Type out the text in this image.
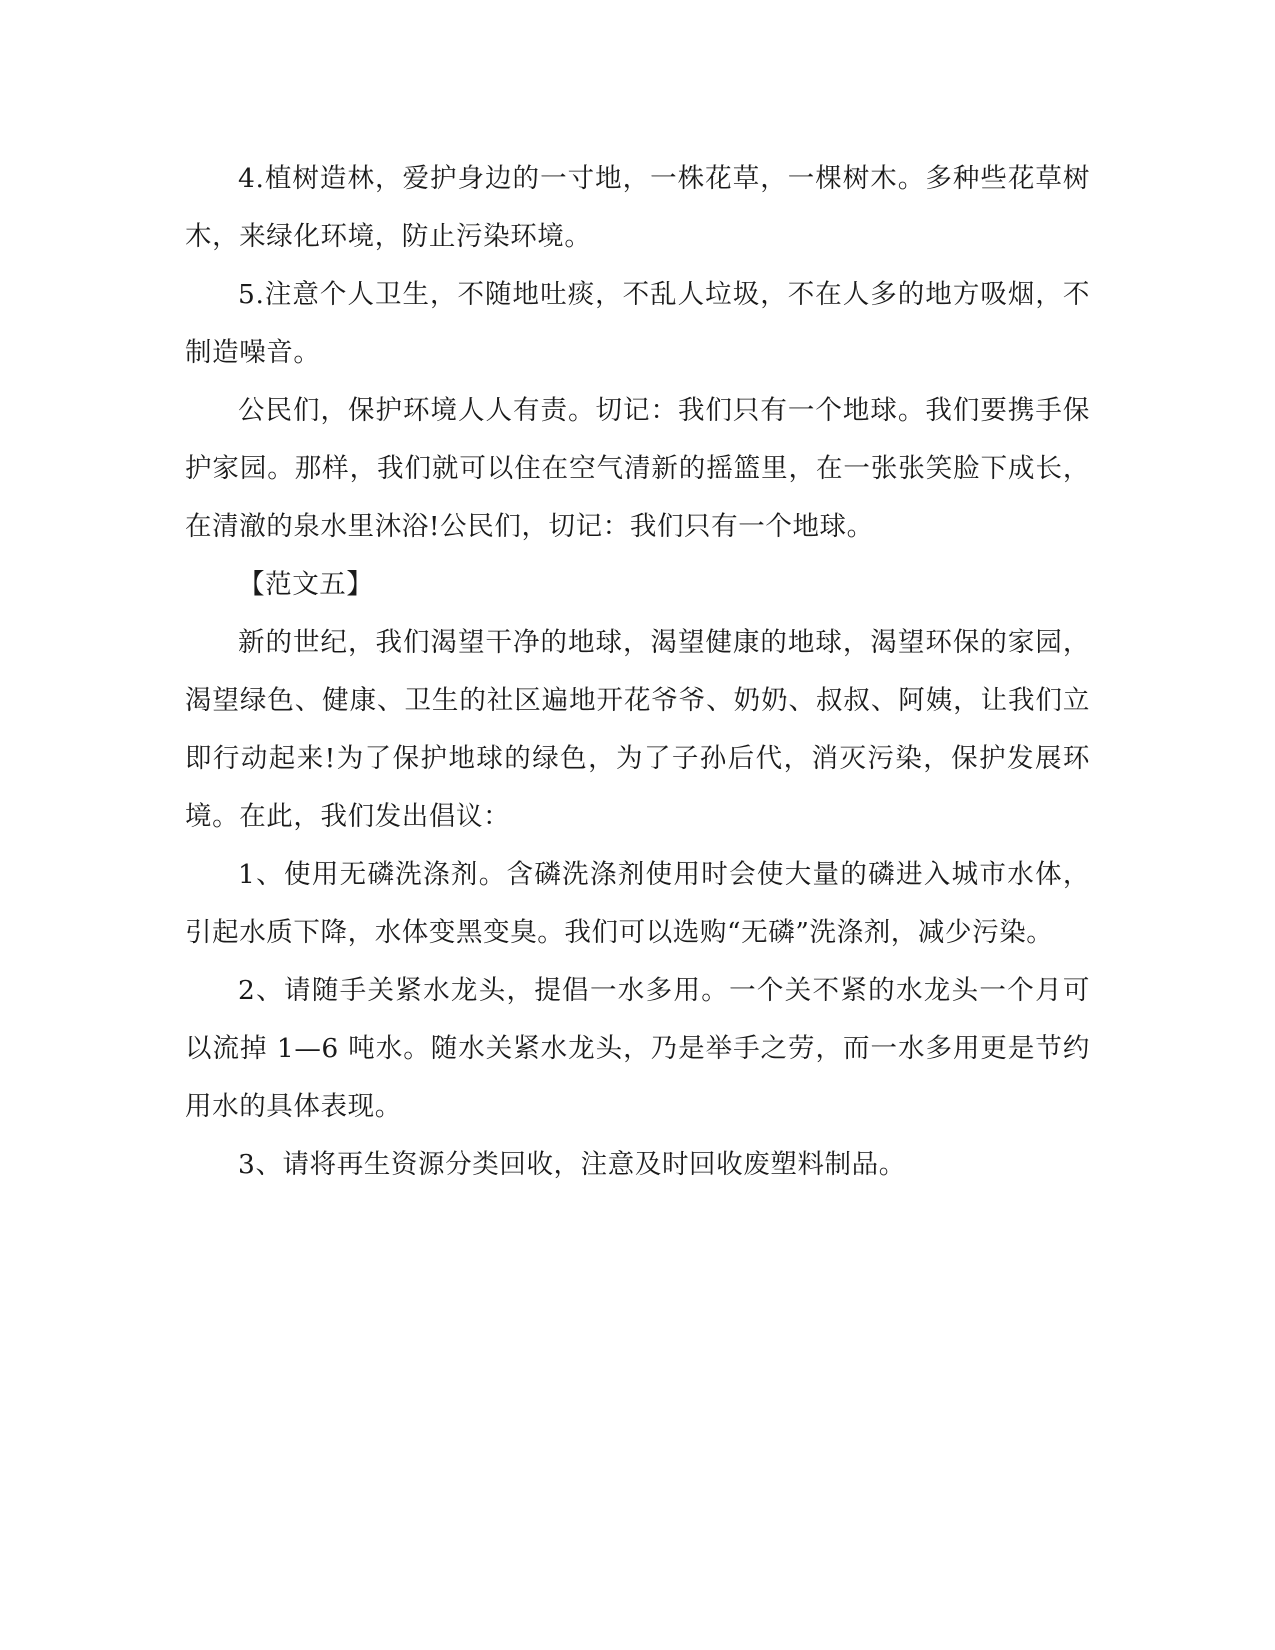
4.植树造林，爱护身边的一寸地，一株花草，一棵树木。多种些花草树木，来绿化环境，防止污染环境。

5.注意个人卫生，不随地吐痰，不乱人垃圾，不在人多的地方吸烟，不制造噪音。

公民们，保护环境人人有责。切记：我们只有一个地球。我们要携手保护家园。那样，我们就可以住在空气清新的摇篮里，在一张张笑脸下成长，在清澈的泉水里沐浴!公民们，切记：我们只有一个地球。

【范文五】

新的世纪，我们渴望干净的地球，渴望健康的地球，渴望环保的家园，渴望绿色、健康、卫生的社区遍地开花爷爷、奶奶、叔叔、阿姨，让我们立即行动起来!为了保护地球的绿色，为了子孙后代，消灭污染，保护发展环境。在此，我们发出倡议：

1、使用无磷洗涤剂。含磷洗涤剂使用时会使大量的磷进入城市水体，引起水质下降，水体变黑变臭。我们可以选购“无磷”洗涤剂，减少污染。

2、请随手关紧水龙头，提倡一水多用。一个关不紧的水龙头一个月可以流掉 1—6 吨水。随水关紧水龙头，乃是举手之劳，而一水多用更是节约用水的具体表现。

3、请将再生资源分类回收，注意及时回收废塑料制品。
